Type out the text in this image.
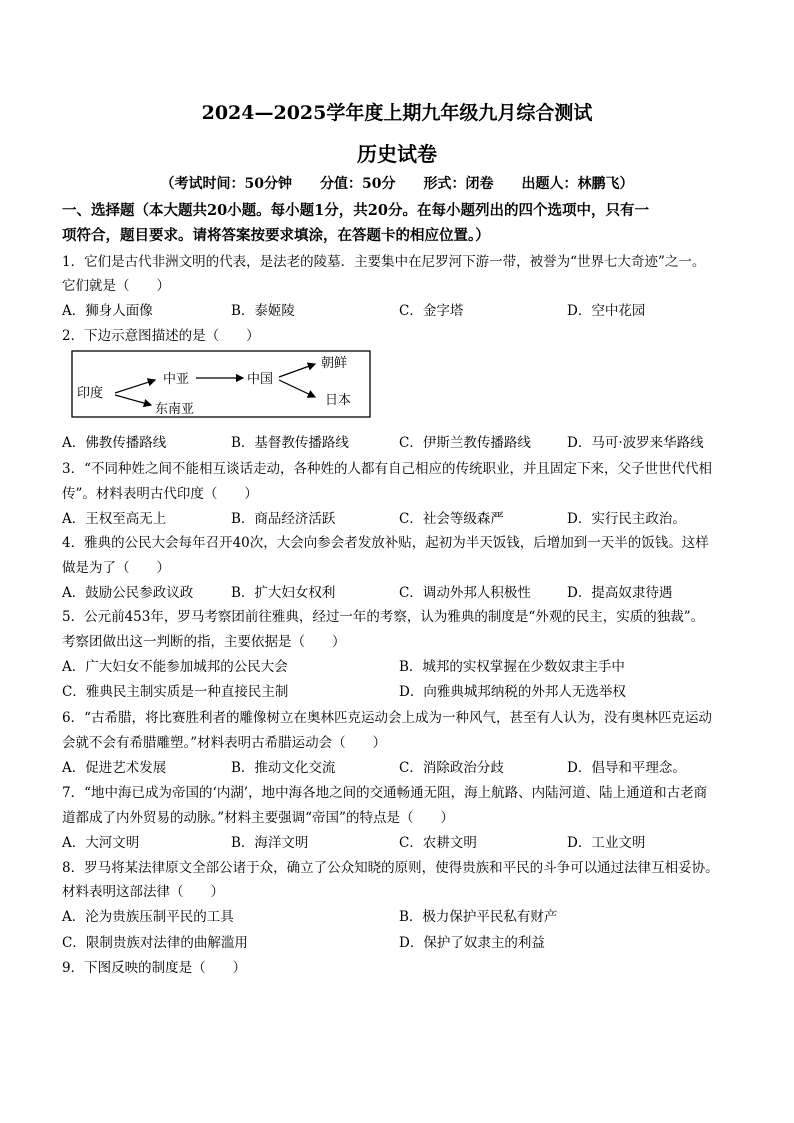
2024—2025学年度上期九年级九月综合测试
历史试卷
（考试时间：50分钟　　分值：50分　　形式：闭卷　　出题人：林鹏飞）
一、选择题（本大题共20小题。每小题1分，共20分。在每小题列出的四个选项中，只有一
项符合，题目要求。请将答案按要求填涂，在答题卡的相应位置。）
1．它们是古代非洲文明的代表，是法老的陵墓．主要集中在尼罗河下游一带，被誉为“世界七大奇迹”之一。
它们就是（　　）
A．狮身人面像	B．泰姬陵	C．金字塔	D．空中花园
2．下边示意图描述的是（　　）
印度
中亚
东南亚
中国
朝鲜
日本
A．佛教传播路线	B．基督教传播路线	C．伊斯兰教传播路线	D．马可·波罗来华路线
3．“不同种姓之间不能相互谈话走动，各种姓的人都有自己相应的传统职业，并且固定下来，父子世世代代相
传”。材料表明古代印度（　　）
A．王权至高无上	B．商品经济活跃	C．社会等级森严	D．实行民主政治。
4．雅典的公民大会每年召开40次，大会向参会者发放补贴，起初为半天饭钱，后增加到一天半的饭钱。这样
做是为了（　　）
A．鼓励公民参政议政	B．扩大妇女权利	C．调动外邦人积极性	D．提高奴隶待遇
5．公元前453年，罗马考察团前往雅典，经过一年的考察，认为雅典的制度是“外观的民主，实质的独裁”。
考察团做出这一判断的指，主要依据是（　　）
A．广大妇女不能参加城邦的公民大会	B．城邦的实权掌握在少数奴隶主手中
C．雅典民主制实质是一种直接民主制	D．向雅典城邦纳税的外邦人无选举权
6．“古希腊，将比赛胜利者的雕像树立在奥林匹克运动会上成为一种风气，甚至有人认为，没有奥林匹克运动
会就不会有希腊雕塑。”材料表明古希腊运动会（　　）
A．促进艺术发展	B．推动文化交流	C．消除政治分歧	D．倡导和平理念。
7．“地中海已成为帝国的‘内湖’，地中海各地之间的交通畅通无阻，海上航路、内陆河道、陆上通道和古老商
道都成了内外贸易的动脉。”材料主要强调“帝国”的特点是（　　）
A．大河文明	B．海洋文明	C．农耕文明	D．工业文明
8．罗马将某法律原文全部公诸于众，确立了公众知晓的原则，使得贵族和平民的斗争可以通过法律互相妥协。
材料表明这部法律（　　）
A．沦为贵族压制平民的工具	B．极力保护平民私有财产
C．限制贵族对法律的曲解滥用	D．保护了奴隶主的利益
9．下图反映的制度是（　　）
